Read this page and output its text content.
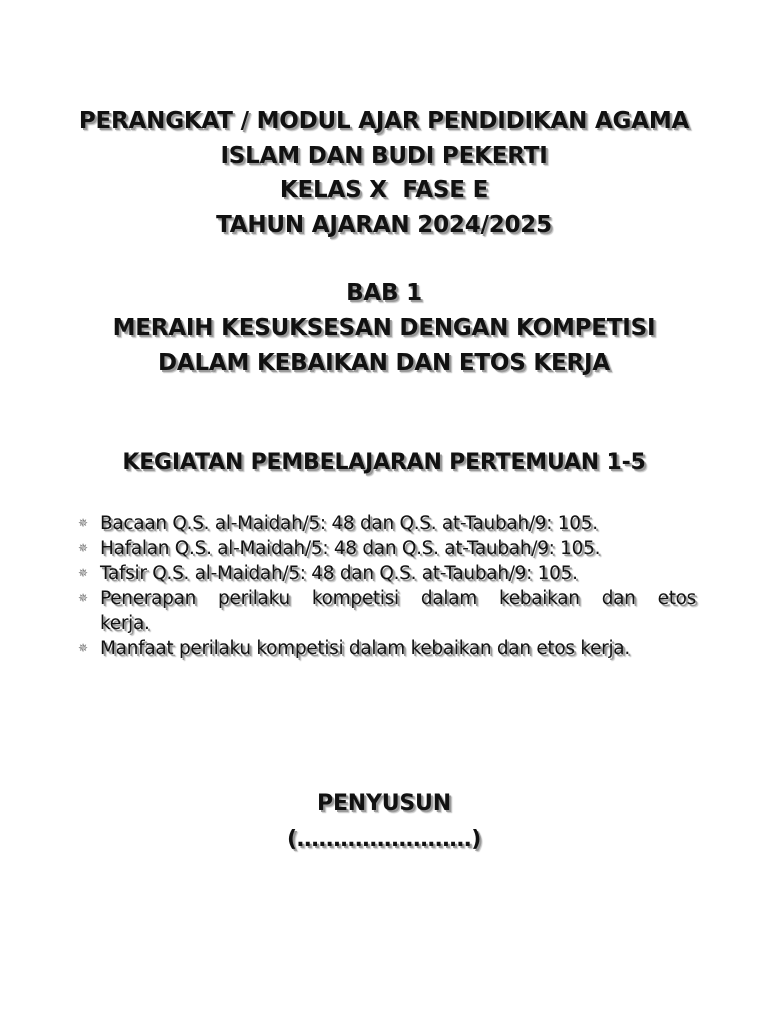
PERANGKAT / MODUL AJAR PENDIDIKAN AGAMA
ISLAM DAN BUDI PEKERTI
KELAS X  FASE E
TAHUN AJARAN 2024/2025
BAB 1
MERAIH KESUKSESAN DENGAN KOMPETISI
DALAM KEBAIKAN DAN ETOS KERJA
KEGIATAN PEMBELAJARAN PERTEMUAN 1-5
✵ Bacaan Q.S. al-Maidah/5: 48 dan Q.S. at-Taubah/9: 105.
✵ Hafalan Q.S. al-Maidah/5: 48 dan Q.S. at-Taubah/9: 105.
✵ Tafsir Q.S. al-Maidah/5: 48 dan Q.S. at-Taubah/9: 105.
✵ Penerapan perilaku kompetisi dalam kebaikan dan etos kerja.
✵ Manfaat perilaku kompetisi dalam kebaikan dan etos kerja.
PENYUSUN
(……………………)
